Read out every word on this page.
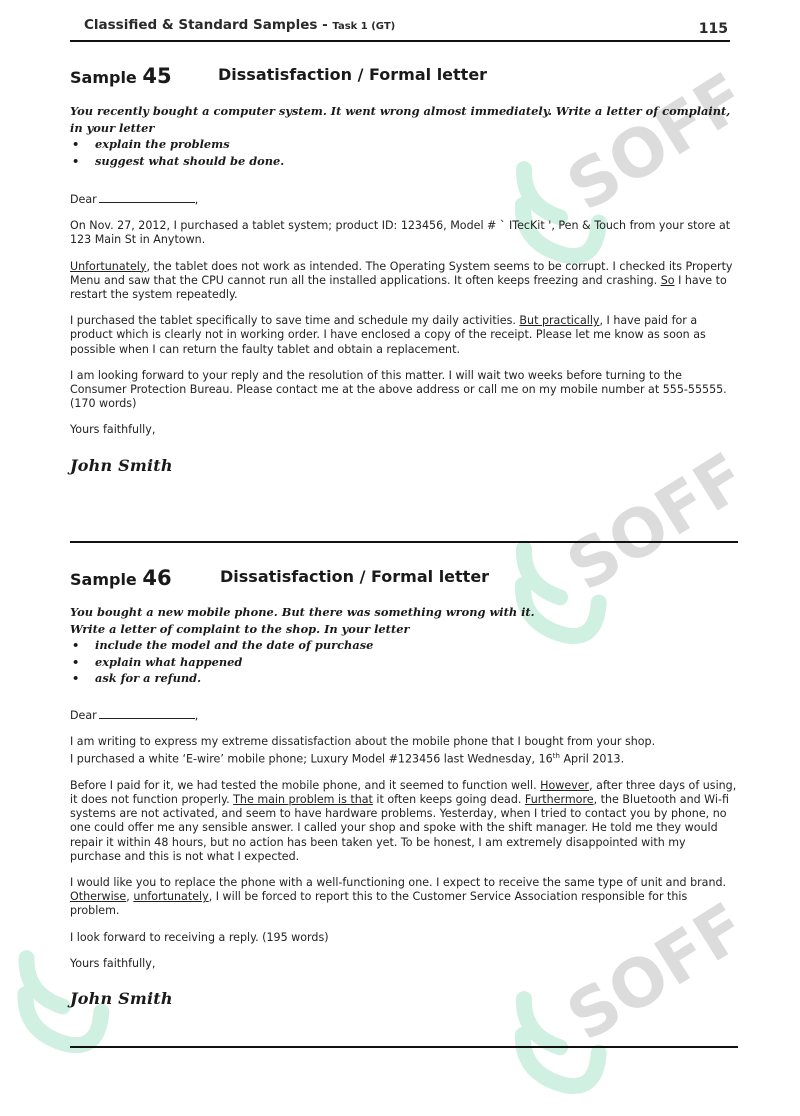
SOFF
SOFF
SOFF
Classified & Standard Samples - Task 1 (GT)	115
Sample 45	Dissatisfaction / Formal letter
You recently bought a computer system. It went wrong almost immediately. Write a letter of complaint, in your letter
• explain the problems
• suggest what should be done.

Dear	,

On Nov. 27, 2012, I purchased a tablet system; product ID: 123456, Model # ` ITecKit ', Pen & Touch from your store at 123 Main St in Anytown.

Unfortunately, the tablet does not work as intended. The Operating System seems to be corrupt. I checked its Property Menu and saw that the CPU cannot run all the installed applications. It often keeps freezing and crashing. So I have to restart the system repeatedly.

I purchased the tablet specifically to save time and schedule my daily activities. But practically, I have paid for a product which is clearly not in working order. I have enclosed a copy of the receipt. Please let me know as soon as possible when I can return the faulty tablet and obtain a replacement.

I am looking forward to your reply and the resolution of this matter. I will wait two weeks before turning to the Consumer Protection Bureau. Please contact me at the above address or call me on my mobile number at 555-55555. (170 words)

Yours faithfully,

John Smith
Sample 46	Dissatisfaction / Formal letter
You bought a new mobile phone. But there was something wrong with it.
Write a letter of complaint to the shop. In your letter
• include the model and the date of purchase
• explain what happened
• ask for a refund.

Dear	,

I am writing to express my extreme dissatisfaction about the mobile phone that I bought from your shop.
I purchased a white ‘E-wire’ mobile phone; Luxury Model #123456 last Wednesday, 16th April 2013.

Before I paid for it, we had tested the mobile phone, and it seemed to function well. However, after three days of using, it does not function properly. The main problem is that it often keeps going dead. Furthermore, the Bluetooth and Wi-fi systems are not activated, and seem to have hardware problems. Yesterday, when I tried to contact you by phone, no one could offer me any sensible answer. I called your shop and spoke with the shift manager. He told me they would repair it within 48 hours, but no action has been taken yet. To be honest, I am extremely disappointed with my purchase and this is not what I expected.

I would like you to replace the phone with a well-functioning one. I expect to receive the same type of unit and brand. Otherwise, unfortunately, I will be forced to report this to the Customer Service Association responsible for this problem.

I look forward to receiving a reply. (195 words)

Yours faithfully,

John Smith
